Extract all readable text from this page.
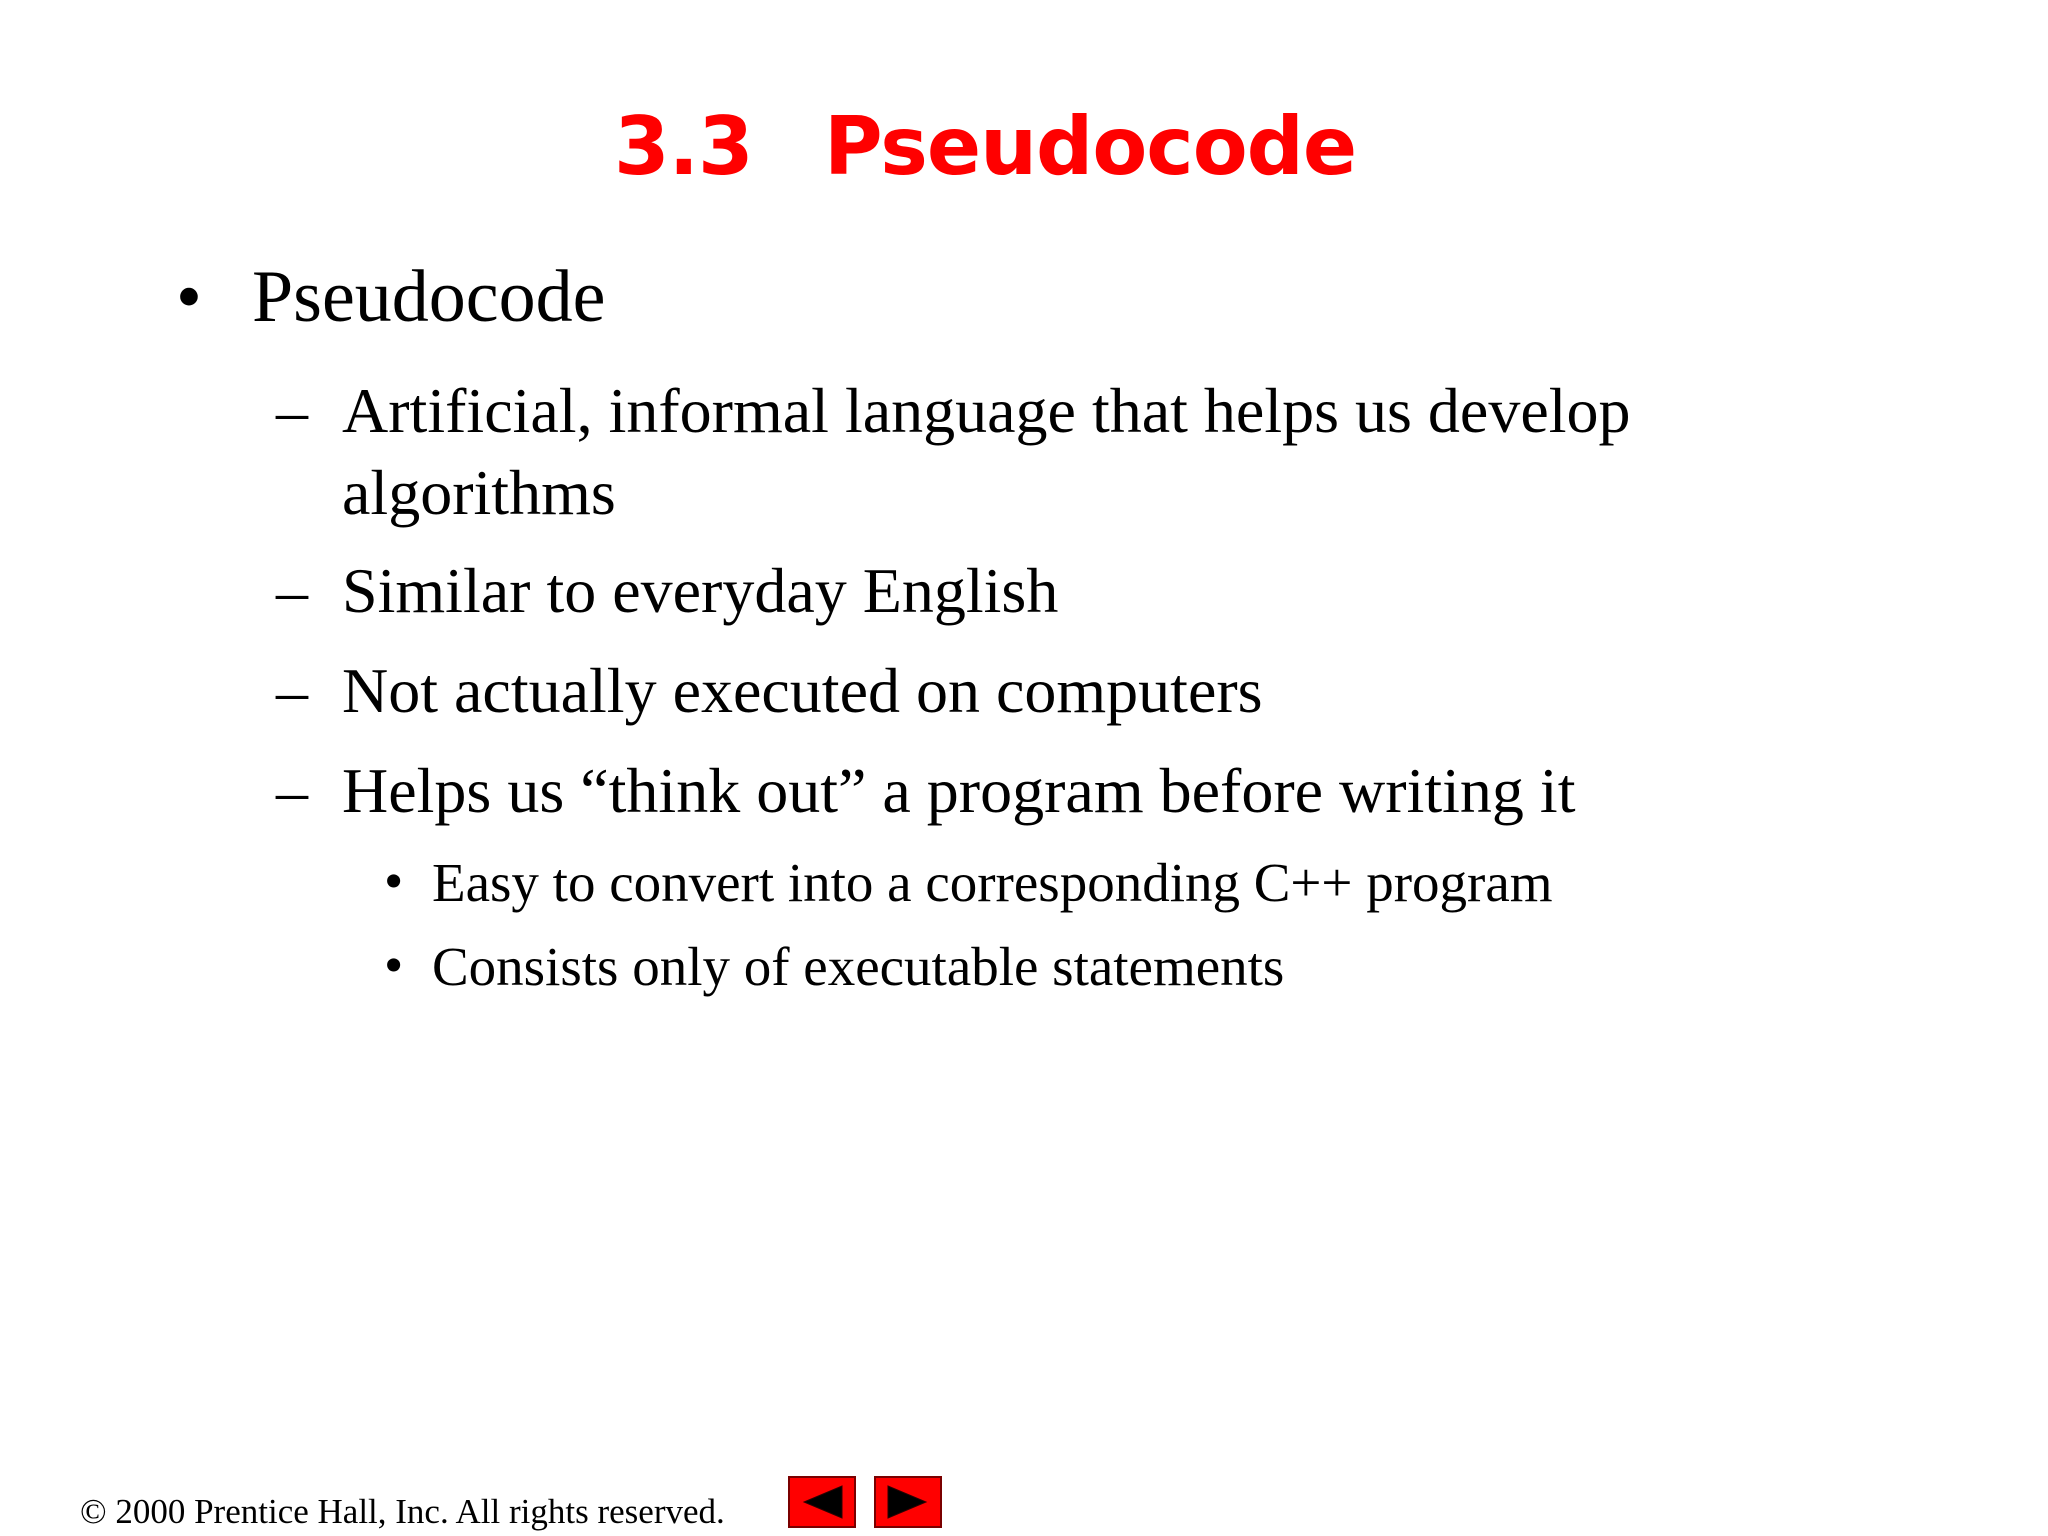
3.3 Pseudocode
• Pseudocode
– Artificial, informal language that helps us develop
algorithms
– Similar to everyday English
– Not actually executed on computers
– Helps us “think out” a program before writing it
• Easy to convert into a corresponding C++ program
• Consists only of executable statements
© 2000 Prentice Hall, Inc. All rights reserved.
